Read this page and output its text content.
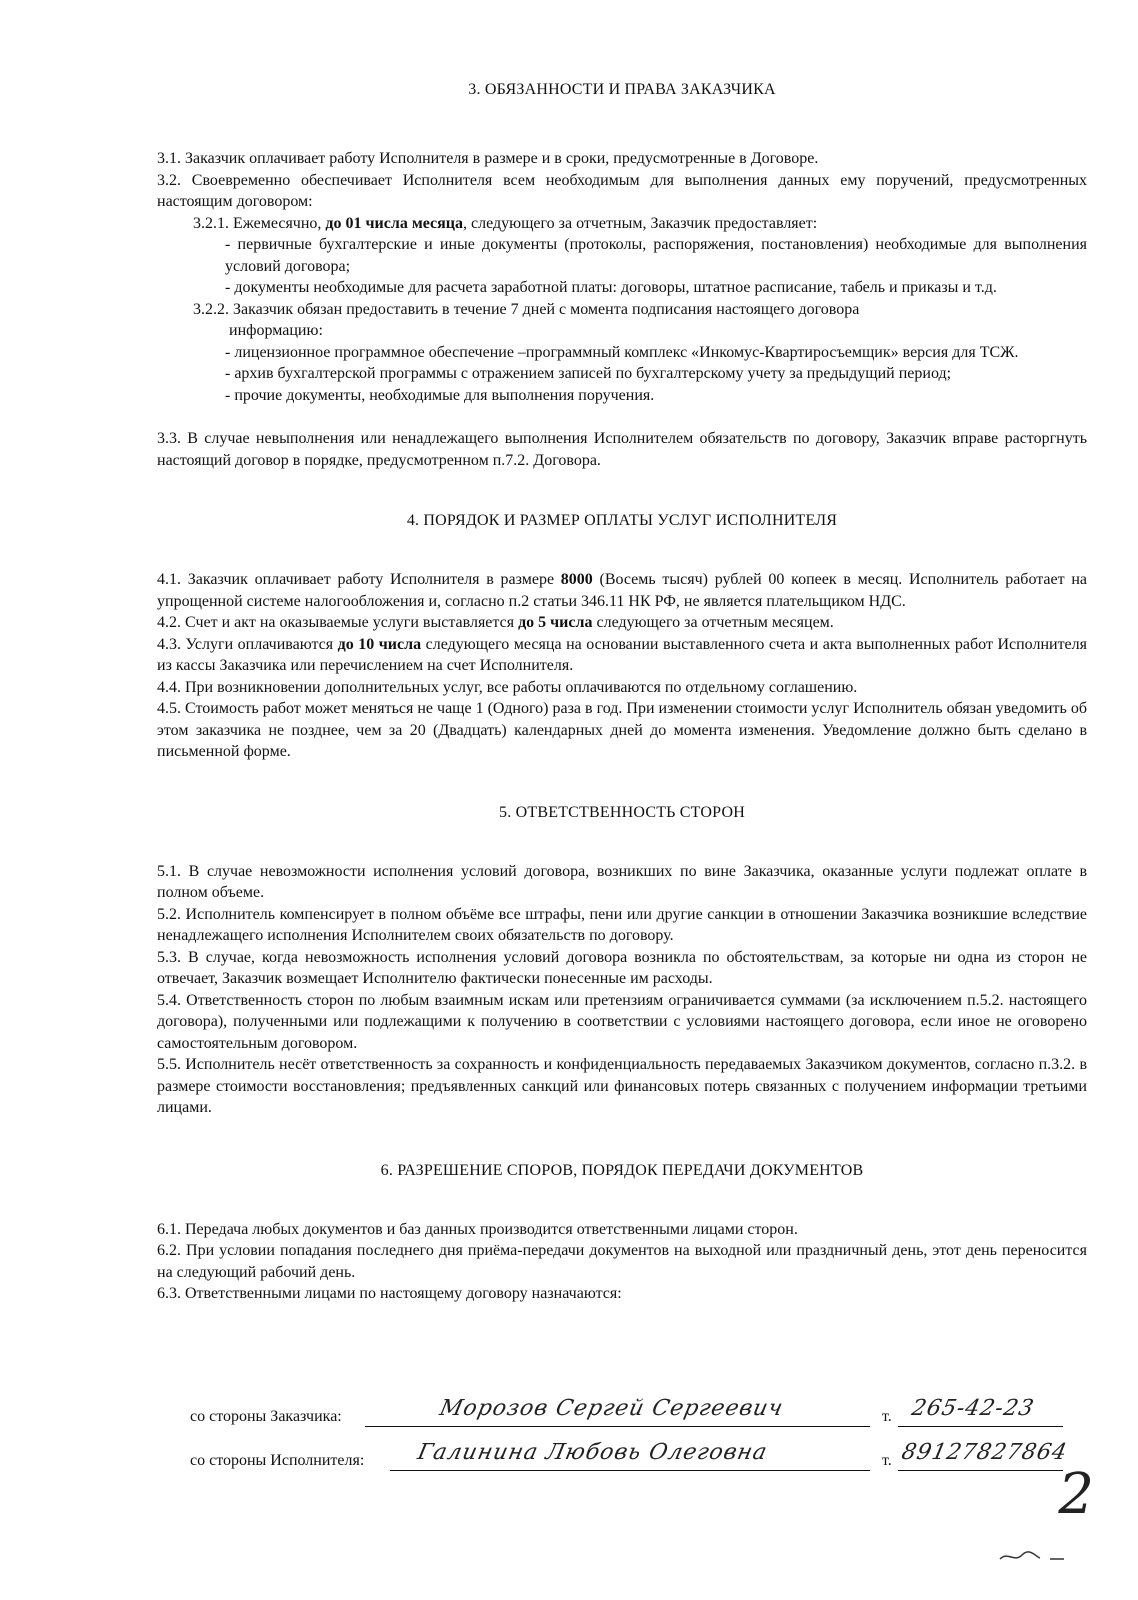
3. ОБЯЗАННОСТИ И ПРАВА ЗАКАЗЧИКА

3.1. Заказчик оплачивает работу Исполнителя в размере и в сроки, предусмотренные в Договоре.

3.2. Своевременно обеспечивает Исполнителя всем необходимым для выполнения данных ему поручений, предусмотренных настоящим договором:

3.2.1. Ежемесячно, до 01 числа месяца, следующего за отчетным, Заказчик предоставляет:

- первичные бухгалтерские и иные документы (протоколы, распоряжения, постановления) необходимые для выполнения условий договора;

- документы необходимые для расчета заработной платы: договоры, штатное расписание, табель и приказы и т.д.

3.2.2. Заказчик обязан предоставить в течение 7 дней с момента подписания настоящего договора

информацию:

- лицензионное программное обеспечение –программный комплекс «Инкомус-Квартиросъемщик» версия для ТСЖ.

- архив бухгалтерской программы с отражением записей по бухгалтерскому учету за предыдущий период;

- прочие документы, необходимые для выполнения поручения.

3.3. В случае невыполнения или ненадлежащего выполнения Исполнителем обязательств по договору, Заказчик вправе расторгнуть настоящий договор в порядке, предусмотренном п.7.2. Договора.

4. ПОРЯДОК И РАЗМЕР ОПЛАТЫ УСЛУГ ИСПОЛНИТЕЛЯ

4.1. Заказчик оплачивает работу Исполнителя в размере 8000 (Восемь тысяч) рублей 00 копеек в месяц. Исполнитель работает на упрощенной системе налогообложения и, согласно п.2 статьи 346.11 НК РФ, не является плательщиком НДС.

4.2. Счет и акт на оказываемые услуги выставляется до 5 числа следующего за отчетным месяцем.

4.3. Услуги оплачиваются до 10 числа следующего месяца на основании выставленного счета и акта выполненных работ Исполнителя из кассы Заказчика или перечислением на счет Исполнителя.

4.4. При возникновении дополнительных услуг, все работы оплачиваются по отдельному соглашению.

4.5. Стоимость работ может меняться не чаще 1 (Одного) раза в год. При изменении стоимости услуг Исполнитель обязан уведомить об этом заказчика не позднее, чем за 20 (Двадцать) календарных дней до момента изменения. Уведомление должно быть сделано в письменной форме.

5. ОТВЕТСТВЕННОСТЬ СТОРОН

5.1. В случае невозможности исполнения условий договора, возникших по вине Заказчика, оказанные услуги подлежат оплате в полном объеме.

5.2. Исполнитель компенсирует в полном объёме все штрафы, пени или другие санкции в отношении Заказчика возникшие вследствие ненадлежащего исполнения Исполнителем своих обязательств по договору.

5.3. В случае, когда невозможность исполнения условий договора возникла по обстоятельствам, за которые ни одна из сторон не отвечает, Заказчик возмещает Исполнителю фактически понесенные им расходы.

5.4. Ответственность сторон по любым взаимным искам или претензиям ограничивается суммами (за исключением п.5.2. настоящего договора), полученными или подлежащими к получению в соответствии с условиями настоящего договора, если иное не оговорено самостоятельным договором.

5.5. Исполнитель несёт ответственность за сохранность и конфиденциальность передаваемых Заказчиком документов, согласно п.3.2. в размере стоимости восстановления; предъявленных санкций или финансовых потерь связанных с получением информации третьими лицами.

6. РАЗРЕШЕНИЕ СПОРОВ, ПОРЯДОК ПЕРЕДАЧИ ДОКУМЕНТОВ

6.1. Передача любых документов и баз данных производится ответственными лицами сторон.

6.2. При условии попадания последнего дня приёма-передачи документов на выходной или праздничный день, этот день переносится на следующий рабочий день.

6.3. Ответственными лицами по настоящему договору назначаются:

со стороны Заказчика:	Морозов Сергей Сергеевич	т. 265-42-23
со стороны Исполнителя: Галинина Любовь Олеговна	т. 89127827864
2
